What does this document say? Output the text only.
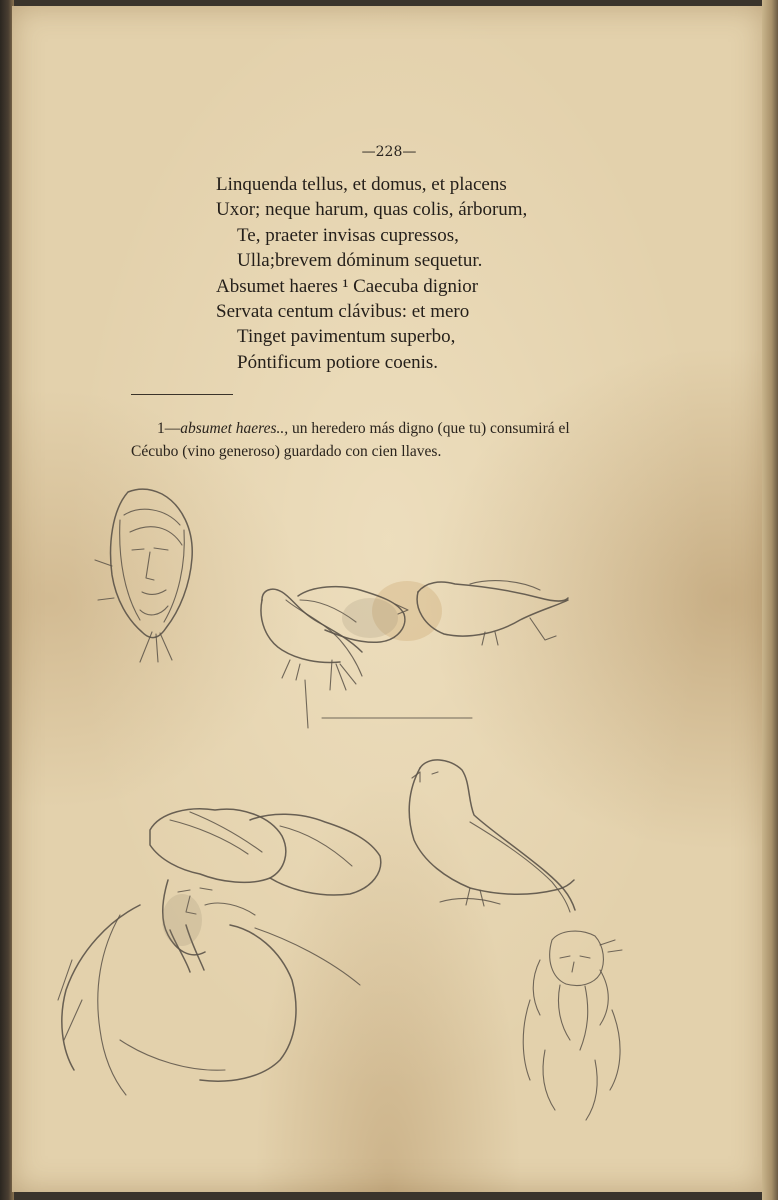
—228—
Linquenda tellus, et domus, et placens
Uxor; neque harum, quas colis, árborum,
Te, praeter invisas cupressos,
Ulla;brevem dóminum sequetur.
Absumet haeres ¹ Caecuba dignior
Servata centum clávibus: et mero
Tinget pavimentum superbo,
Póntificum potiore coenis.
1—absumet haeres.., un heredero más digno (que tu) consumirá el
Cécubo (vino generoso) guardado con cien llaves.
